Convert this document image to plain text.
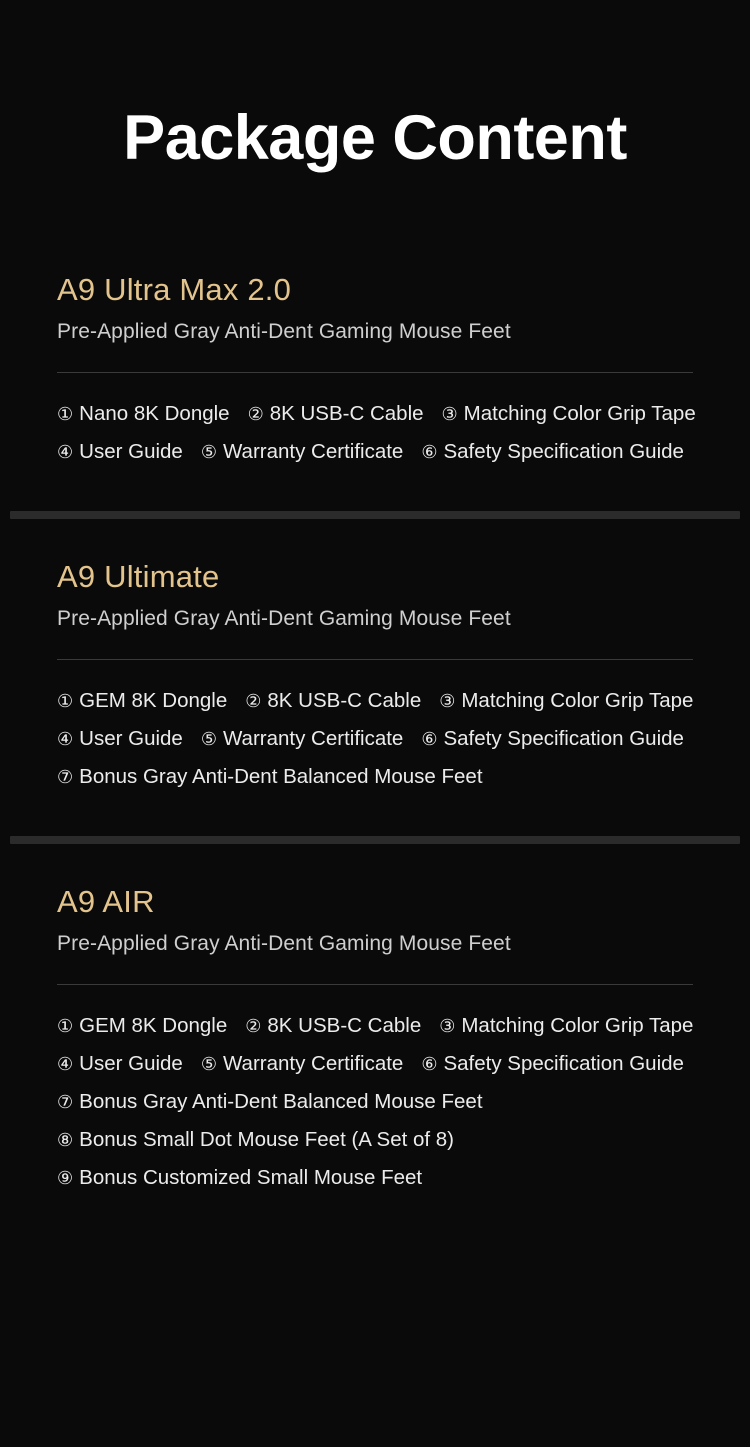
Package Content
A9 Ultra Max 2.0
Pre-Applied Gray Anti-Dent Gaming Mouse Feet
① Nano 8K Dongle ② 8K USB-C Cable ③ Matching Color Grip Tape
④ User Guide ⑤ Warranty Certificate ⑥ Safety Specification Guide
A9 Ultimate
Pre-Applied Gray Anti-Dent Gaming Mouse Feet
① GEM 8K Dongle ② 8K USB-C Cable ③ Matching Color Grip Tape
④ User Guide ⑤ Warranty Certificate ⑥ Safety Specification Guide
⑦ Bonus Gray Anti-Dent Balanced Mouse Feet
A9 AIR
Pre-Applied Gray Anti-Dent Gaming Mouse Feet
① GEM 8K Dongle ② 8K USB-C Cable ③ Matching Color Grip Tape
④ User Guide ⑤ Warranty Certificate ⑥ Safety Specification Guide
⑦ Bonus Gray Anti-Dent Balanced Mouse Feet
⑧ Bonus Small Dot Mouse Feet (A Set of 8)
⑨ Bonus Customized Small Mouse Feet
